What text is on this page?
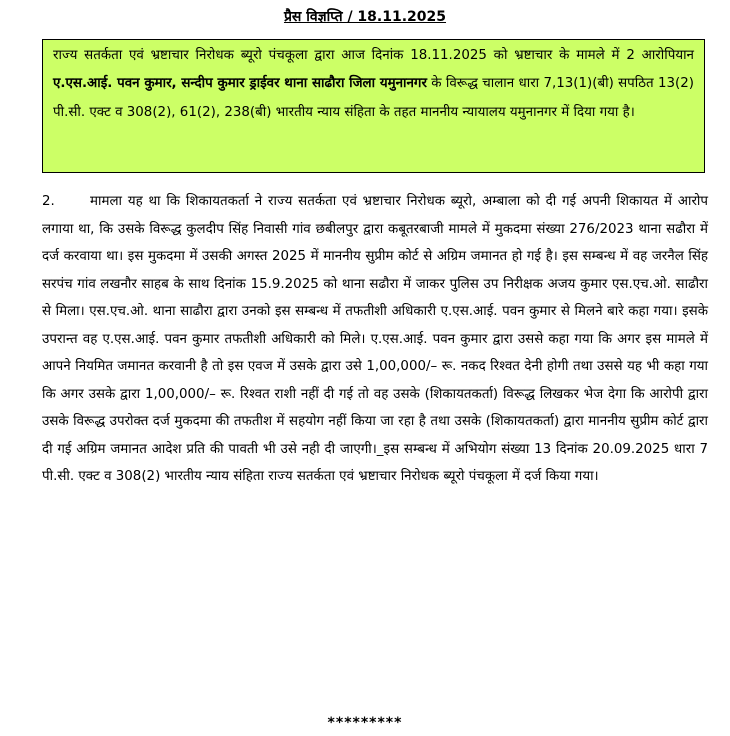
प्रैस विज्ञप्ति / 18.11.2025
राज्य सतर्कता एवं भ्रष्टाचार निरोधक ब्यूरो पंचकूला द्वारा आज दिनांक 18.11.2025 को भ्रष्टाचार के मामले में 2 आरोपियान ए.एस.आई. पवन कुमार, सन्दीप कुमार ड्राईवर थाना साढौरा जिला यमुनानगर के विरूद्ध चालान धारा 7,13(1)(बी) सपठित 13(2) पी.सी. एक्ट व 308(2), 61(2), 238(बी) भारतीय न्याय संहिता के तहत माननीय न्यायालय यमुनानगर में दिया गया है।

2.	मामला यह था कि शिकायतकर्ता ने राज्य सतर्कता एवं भ्रष्टाचार निरोधक ब्यूरो, अम्बाला को दी गई अपनी शिकायत में आरोप लगाया था, कि उसके विरूद्ध कुलदीप सिंह निवासी गांव छबीलपुर द्वारा कबूतरबाजी मामले में मुकदमा संख्या 276/2023 थाना सढौरा में दर्ज करवाया था। इस मुकदमा में उसकी अगस्त 2025 में माननीय सुप्रीम कोर्ट से अग्रिम जमानत हो गई है। इस सम्बन्ध में वह जरनैल सिंह सरपंच गांव लखनौर साहब के साथ दिनांक 15.9.2025 को थाना सढौरा में जाकर पुलिस उप निरीक्षक अजय कुमार एस.एच.ओ. साढौरा से मिला। एस.एच.ओ. थाना साढौरा द्वारा उनको इस सम्बन्ध में तफतीशी अधिकारी ए.एस.आई. पवन कुमार से मिलने बारे कहा गया। इसके उपरान्त वह ए.एस.आई. पवन कुमार तफतीशी अधिकारी को मिले। ए.एस.आई. पवन कुमार द्वारा उससे कहा गया कि अगर इस मामले में आपने नियमित जमानत करवानी है तो इस एवज में उसके द्वारा उसे 1,00,000/– रू. नकद रिश्वत देनी होगी तथा उससे यह भी कहा गया कि अगर उसके द्वारा 1,00,000/– रू. रिश्वत राशी नहीं दी गई तो वह उसके (शिकायतकर्ता) विरूद्ध लिखकर भेज देगा कि आरोपी द्वारा उसके विरूद्ध उपरोक्त दर्ज मुकदमा की तफतीश में सहयोग नहीं किया जा रहा है तथा उसके (शिकायतकर्ता) द्वारा माननीय सुप्रीम कोर्ट द्वारा दी गई अग्रिम जमानत आदेश प्रति की पावती भी उसे नही दी जाएगी।_इस सम्बन्ध में अभियोग संख्या 13 दिनांक 20.09.2025 धारा 7 पी.सी. एक्ट व 308(2) भारतीय न्याय संहिता राज्य सतर्कता एवं भ्रष्टाचार निरोधक ब्यूरो पंचकूला में दर्ज किया गया।

*********
